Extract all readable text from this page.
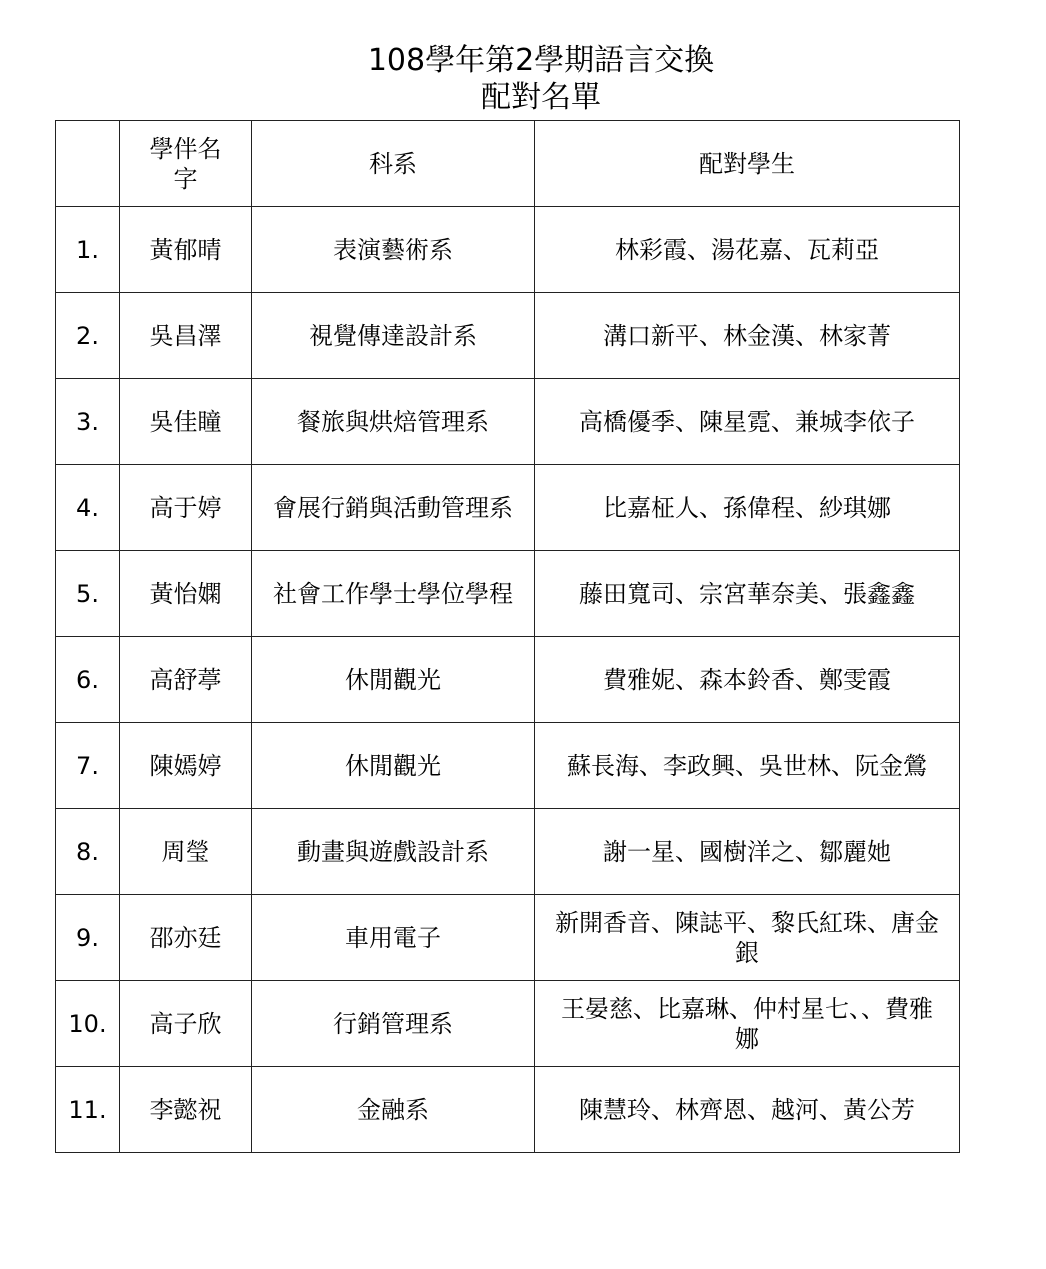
108學年第2學期語言交換
配對名單
	學伴名字	科系	配對學生
1.	黃郁晴	表演藝術系	林彩霞、湯花嘉、瓦莉亞
2.	吳昌澤	視覺傳達設計系	溝口新平、林金漢、林家菁
3.	吳佳瞳	餐旅與烘焙管理系	高橋優季、陳星霓、兼城李依子
4.	高于婷	會展行銷與活動管理系	比嘉柾人、孫偉程、紗琪娜
5.	黃怡嫻	社會工作學士學位學程	藤田寬司、宗宮華奈美、張鑫鑫
6.	高舒葶	休閒觀光	費雅妮、森本鈴香、鄭雯霞
7.	陳嫣婷	休閒觀光	蘇長海、李政興、吳世林、阮金鶯
8.	周瑩	動畫與遊戲設計系	謝一星、國樹洋之、鄒麗她
9.	邵亦廷	車用電子	新開香音、陳誌平、黎氏紅珠、唐金銀
10.	高子欣	行銷管理系	王晏慈、比嘉琳、仲村星七、、費雅娜
11.	李懿祝	金融系	陳慧玲、林齊恩、越河、黃公芳
